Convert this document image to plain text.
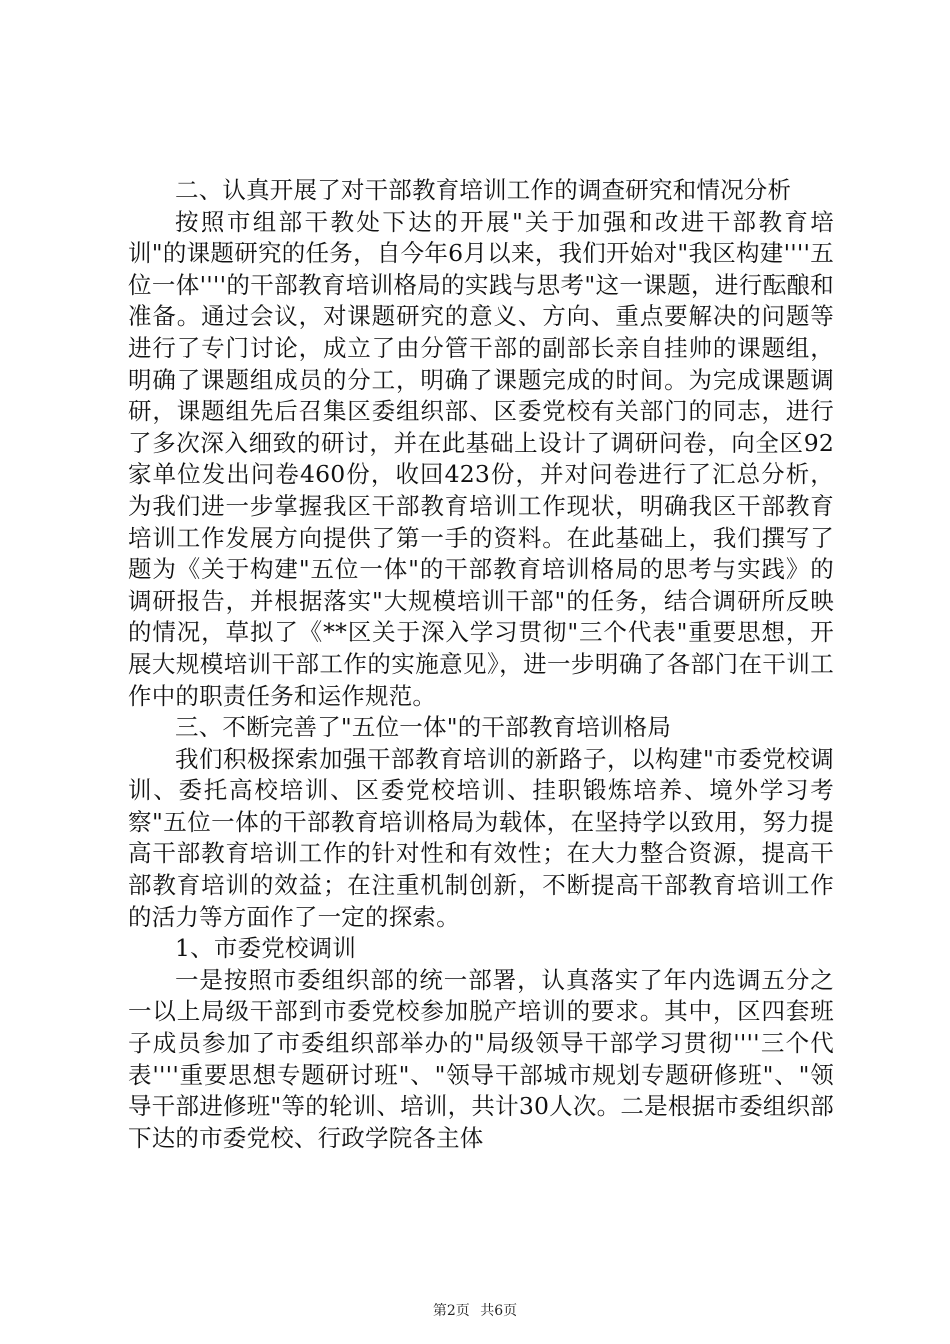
二、认真开展了对干部教育培训工作的调查研究和情况分析

按照市组部干教处下达的开展"关于加强和改进干部教育培训"的课题研究的任务，自今年6月以来，我们开始对"我区构建''''五位一体''''的干部教育培训格局的实践与思考"这一课题，进行酝酿和准备。通过会议，对课题研究的意义、方向、重点要解决的问题等进行了专门讨论，成立了由分管干部的副部长亲自挂帅的课题组，明确了课题组成员的分工，明确了课题完成的时间。为完成课题调研，课题组先后召集区委组织部、区委党校有关部门的同志，进行了多次深入细致的研讨，并在此基础上设计了调研问卷，向全区92家单位发出问卷460份，收回423份，并对问卷进行了汇总分析，为我们进一步掌握我区干部教育培训工作现状，明确我区干部教育培训工作发展方向提供了第一手的资料。在此基础上，我们撰写了题为《关于构建"五位一体"的干部教育培训格局的思考与实践》的调研报告，并根据落实"大规模培训干部"的任务，结合调研所反映的情况，草拟了《**区关于深入学习贯彻"三个代表"重要思想，开展大规模培训干部工作的实施意见》，进一步明确了各部门在干训工作中的职责任务和运作规范。

三、不断完善了"五位一体"的干部教育培训格局

我们积极探索加强干部教育培训的新路子，以构建"市委党校调训、委托高校培训、区委党校培训、挂职锻炼培养、境外学习考察"五位一体的干部教育培训格局为载体，在坚持学以致用，努力提高干部教育培训工作的针对性和有效性；在大力整合资源，提高干部教育培训的效益；在注重机制创新，不断提高干部教育培训工作的活力等方面作了一定的探索。

1、市委党校调训

一是按照市委组织部的统一部署，认真落实了年内选调五分之一以上局级干部到市委党校参加脱产培训的要求。其中，区四套班子成员参加了市委组织部举办的"局级领导干部学习贯彻''''三个代表''''重要思想专题研讨班"、"领导干部城市规划专题研修班"、"领导干部进修班"等的轮训、培训，共计30人次。二是根据市委组织部下达的市委党校、行政学院各主体

第2页 共6页
